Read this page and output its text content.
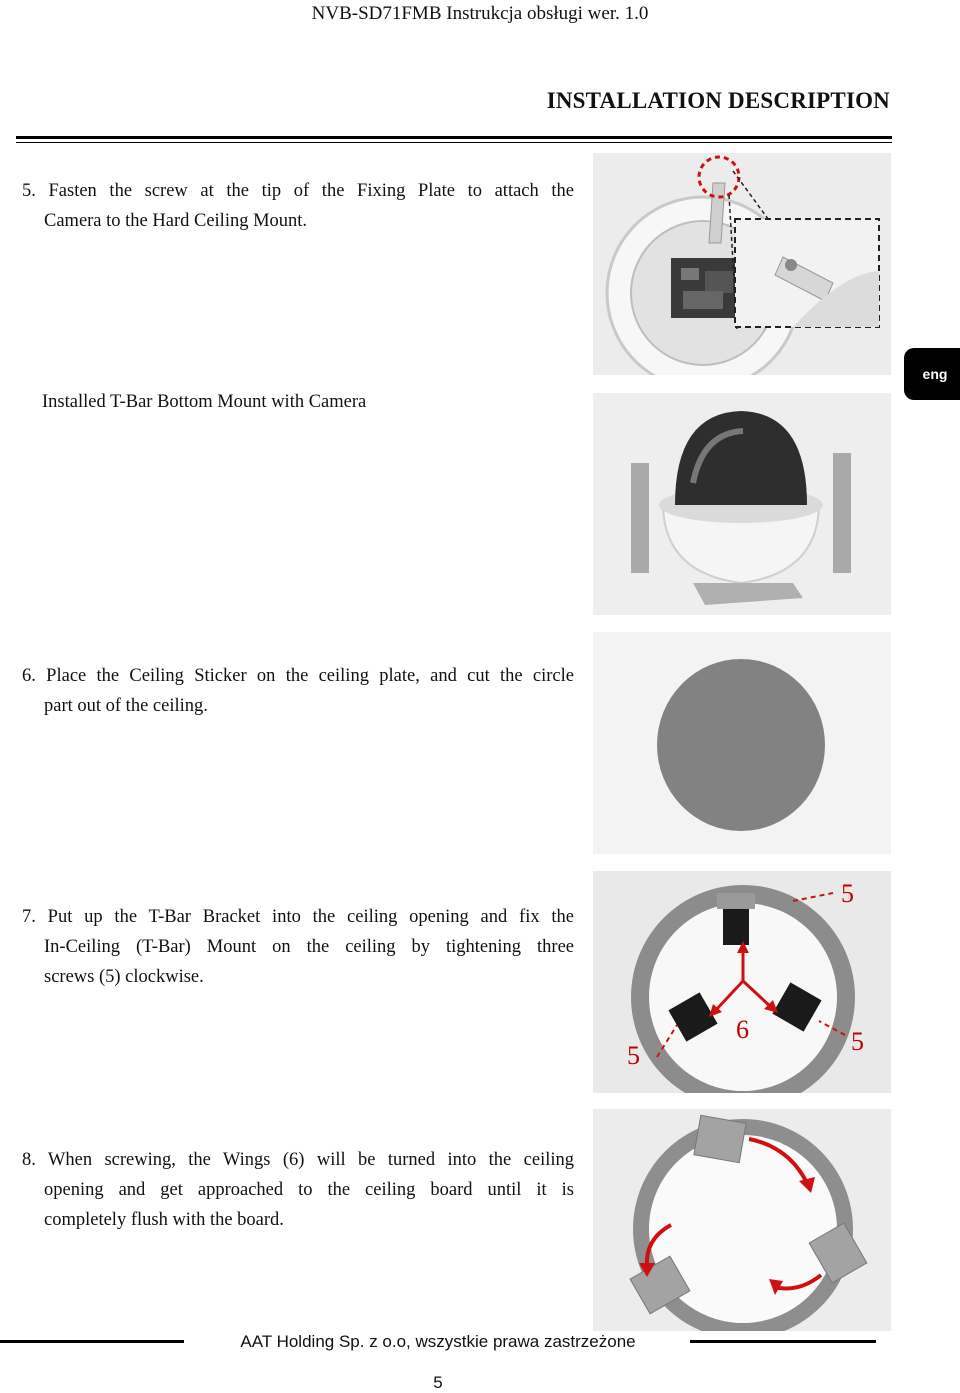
NVB-SD71FMB Instrukcja obsługi wer. 1.0
INSTALLATION DESCRIPTION
eng
5. Fasten the screw at the tip of the Fixing Plate to attach the
Camera to the Hard Ceiling Mount.
Installed T-Bar Bottom Mount with Camera
6. Place the Ceiling Sticker on the ceiling plate, and cut the circle
part out of the ceiling.
7. Put up the T-Bar Bracket into the ceiling opening and fix the
In-Ceiling (T-Bar) Mount on the ceiling by tightening three
screws (5) clockwise.
8. When screwing, the Wings (6) will be turned into the ceiling
opening and get approached to the ceiling board until it is
completely flush with the board.
5
5	5
6
AAT Holding Sp. z o.o, wszystkie prawa zastrzeżone
5
